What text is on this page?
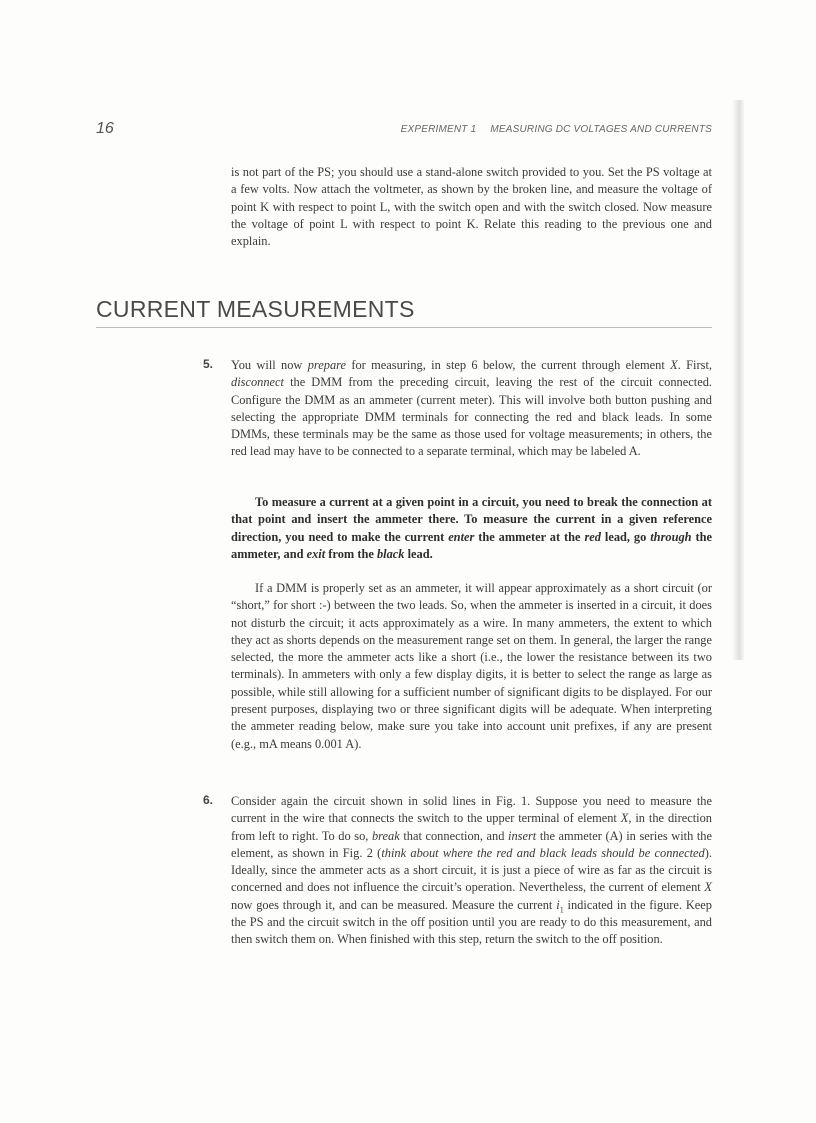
16	EXPERIMENT 1 MEASURING DC VOLTAGES AND CURRENTS

is not part of the PS; you should use a stand-alone switch provided to you. Set the PS voltage at a few volts. Now attach the voltmeter, as shown by the broken line, and measure the voltage of point K with respect to point L, with the switch open and with the switch closed. Now measure the voltage of point L with respect to point K. Relate this reading to the previous one and explain.

CURRENT MEASUREMENTS
5. You will now prepare for measuring, in step 6 below, the current through element X. First, disconnect the DMM from the preceding circuit, leaving the rest of the circuit connected. Configure the DMM as an ammeter (current meter). This will involve both button pushing and selecting the appropriate DMM terminals for connecting the red and black leads. In some DMMs, these terminals may be the same as those used for voltage measurements; in others, the red lead may have to be connected to a separate terminal, which may be labeled A.

To measure a current at a given point in a circuit, you need to break the connection at that point and insert the ammeter there. To measure the current in a given reference direction, you need to make the current enter the ammeter at the red lead, go through the ammeter, and exit from the black lead.

If a DMM is properly set as an ammeter, it will appear approximately as a short circuit (or “short,” for short :-) between the two leads. So, when the ammeter is inserted in a circuit, it does not disturb the circuit; it acts approximately as a wire. In many ammeters, the extent to which they act as shorts depends on the measurement range set on them. In general, the larger the range selected, the more the ammeter acts like a short (i.e., the lower the resistance between its two terminals). In ammeters with only a few display digits, it is better to select the range as large as possible, while still allowing for a sufficient number of significant digits to be displayed. For our present purposes, displaying two or three significant digits will be adequate. When interpreting the ammeter reading below, make sure you take into account unit prefixes, if any are present (e.g., mA means 0.001 A).

6. Consider again the circuit shown in solid lines in Fig. 1. Suppose you need to measure the current in the wire that connects the switch to the upper terminal of element X, in the direction from left to right. To do so, break that connection, and insert the ammeter (A) in series with the element, as shown in Fig. 2 (think about where the red and black leads should be connected). Ideally, since the ammeter acts as a short circuit, it is just a piece of wire as far as the circuit is concerned and does not influence the circuit’s operation. Nevertheless, the current of element X now goes through it, and can be measured. Measure the current $i_1$ indicated in the figure. Keep the PS and the circuit switch in the off position until you are ready to do this measurement, and then switch them on. When finished with this step, return the switch to the off position.
